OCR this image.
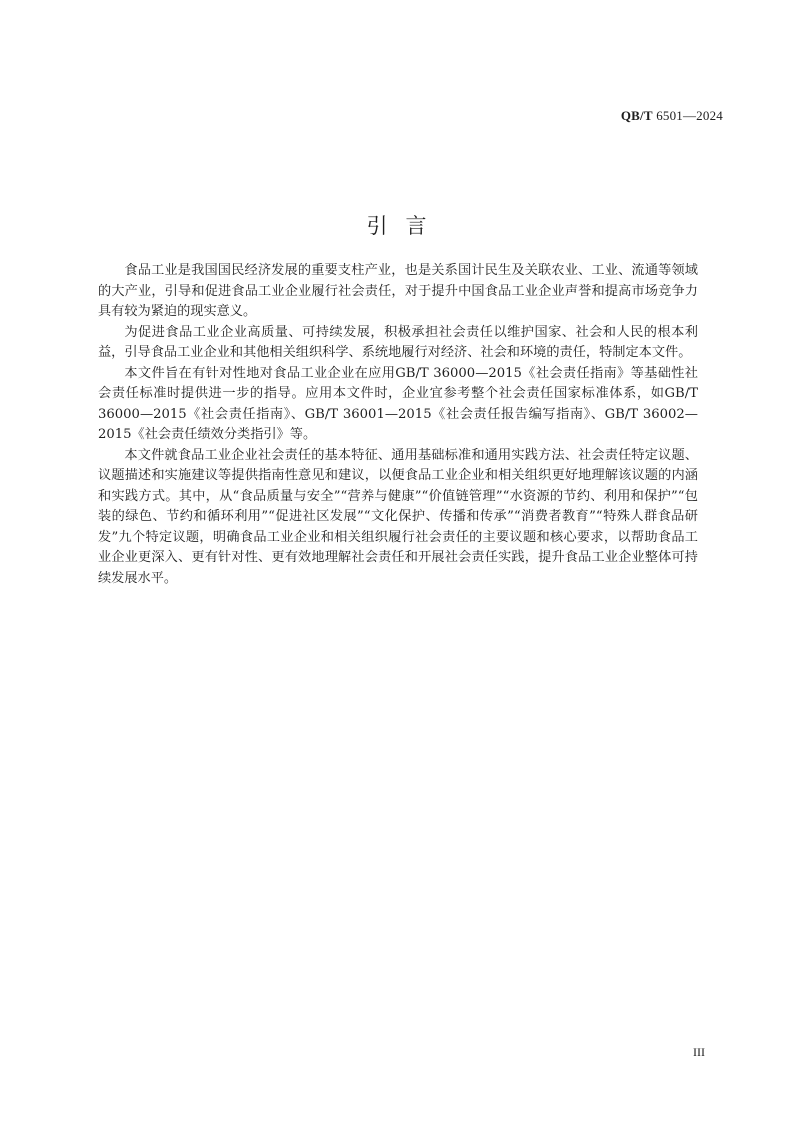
QB/T 6501—2024
引言

食品工业是我国国民经济发展的重要支柱产业，也是关系国计民生及关联农业、工业、流通等领域的大产业，引导和促进食品工业企业履行社会责任，对于提升中国食品工业企业声誉和提高市场竞争力具有较为紧迫的现实意义。

为促进食品工业企业高质量、可持续发展，积极承担社会责任以维护国家、社会和人民的根本利益，引导食品工业企业和其他相关组织科学、系统地履行对经济、社会和环境的责任，特制定本文件。

本文件旨在有针对性地对食品工业企业在应用GB/T 36000—2015《社会责任指南》等基础性社会责任标准时提供进一步的指导。应用本文件时，企业宜参考整个社会责任国家标准体系，如GB/T 36000—2015《社会责任指南》、GB/T 36001—2015《社会责任报告编写指南》、GB/T 36002—2015《社会责任绩效分类指引》等。

本文件就食品工业企业社会责任的基本特征、通用基础标准和通用实践方法、社会责任特定议题、议题描述和实施建议等提供指南性意见和建议，以便食品工业企业和相关组织更好地理解该议题的内涵和实践方式。其中，从“食品质量与安全”“营养与健康”“价值链管理”“水资源的节约、利用和保护”“包装的绿色、节约和循环利用”“促进社区发展”“文化保护、传播和传承”“消费者教育”“特殊人群食品研发”九个特定议题，明确食品工业企业和相关组织履行社会责任的主要议题和核心要求，以帮助食品工业企业更深入、更有针对性、更有效地理解社会责任和开展社会责任实践，提升食品工业企业整体可持续发展水平。

III
